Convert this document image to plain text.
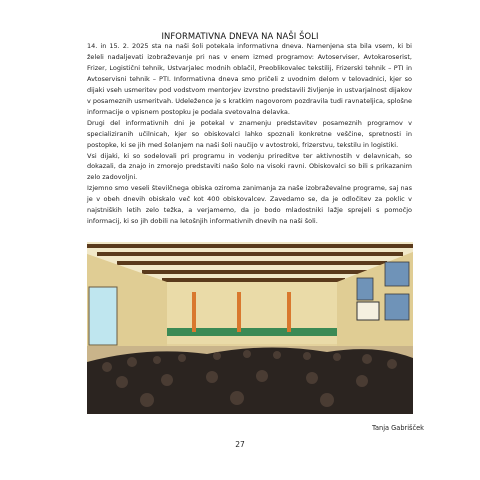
INFORMATIVNA DNEVA NA NAŠI ŠOLI

14. in 15. 2. 2025 sta na naši šoli potekala informativna dneva. Namenjena sta bila vsem, ki bi želeli nadaljevati izobraževanje pri nas v enem izmed programov: Avtoserviser, Avtokaroserist, Frizer, Logistični tehnik, Ustvarjalec modnih oblačil, Preoblikovalec tekstilij, Frizerski tehnik – PTI in Avtoservisni tehnik – PTI. Informativna dneva smo pričeli z uvodnim delom v telovadnici, kjer so dijaki vseh usmeritev pod vodstvom mentorjev izvrstno predstavili življenje in ustvarjalnost dijakov v posameznih usmeritvah. Udeležence je s kratkim nagovorom pozdravila tudi ravnateljica, splošne informacije o vpisnem postopku je podala svetovalna delavka.

Drugi del informativnih dni je potekal v znamenju predstavitev posameznih programov v specializiranih učilnicah, kjer so obiskovalci lahko spoznali konkretne veščine, spretnosti in postopke, ki se jih med šolanjem na naši šoli naučijo v avtostroki, frizerstvu, tekstilu in logistiki.

Vsi dijaki, ki so sodelovali pri programu in vodenju prireditve ter aktivnostih v delavnicah, so dokazali, da znajo in zmorejo predstaviti našo šolo na visoki ravni. Obiskovalci so bili s prikazanim zelo zadovoljni.

Izjemno smo veseli številčnega obiska oziroma zanimanja za naše izobraževalne programe, saj nas je v obeh dnevih obiskalo več kot 400 obiskovalcev. Zavedamo se, da je odločitev za poklic v najstniških letih zelo težka, a verjamemo, da jo bodo mladostniki lažje sprejeli s pomočjo informacij, ki so jih dobili na letošnjih informativnih dnevih na naši šoli.

Tanja Gabrišček
27
